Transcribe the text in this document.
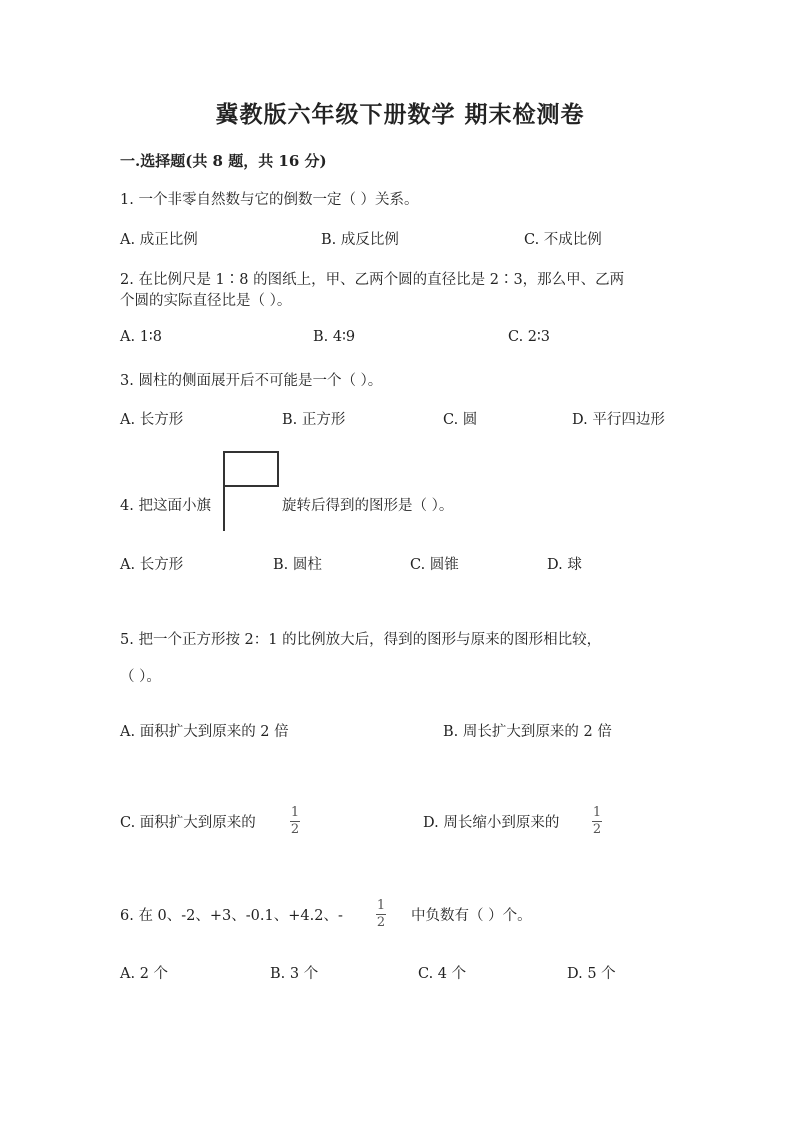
冀教版六年级下册数学 期末检测卷
一.选择题(共 8 题，共 16 分)
1. 一个非零自然数与它的倒数一定（ ）关系。
A. 成正比例	B. 成反比例	C. 不成比例
2. 在比例尺是 1∶8 的图纸上，甲、乙两个圆的直径比是 2∶3，那么甲、乙两
个圆的实际直径比是（ ）。
A. 1∶8	B. 4∶9	C. 2∶3
3. 圆柱的侧面展开后不可能是一个（ ）。
A. 长方形	B. 正方形	C. 圆	D. 平行四边形
4. 把这面小旗	旋转后得到的图形是（ ）。
A. 长方形	B. 圆柱	C. 圆锥	D. 球
5. 把一个正方形按 2：1 的比例放大后，得到的图形与原来的图形相比较，
（ ）。
A. 面积扩大到原来的 2 倍	B. 周长扩大到原来的 2 倍
C. 面积扩大到原来的
1
2	D. 周长缩小到原来的
1
2
6. 在 0、-2、+3、-0.1、+4.2、-
1
2 中负数有（ ）个。
A. 2 个	B. 3 个	C. 4 个	D. 5 个
